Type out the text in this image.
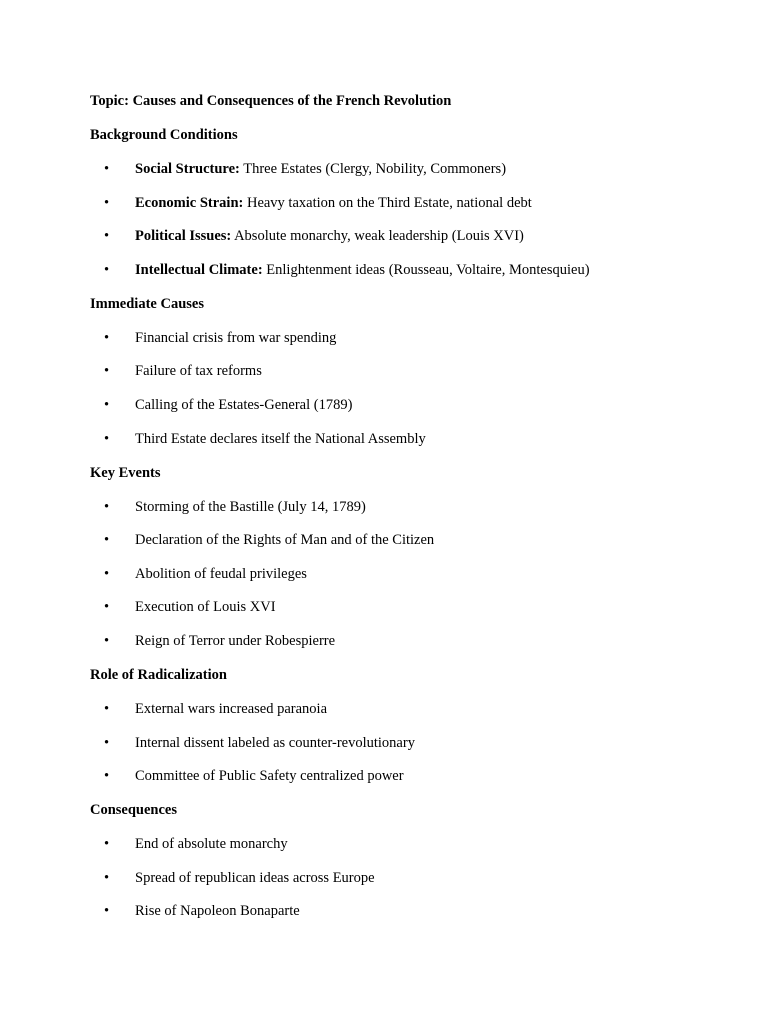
Topic: Causes and Consequences of the French Revolution
Background Conditions
• Social Structure: Three Estates (Clergy, Nobility, Commoners)
• Economic Strain: Heavy taxation on the Third Estate, national debt
• Political Issues: Absolute monarchy, weak leadership (Louis XVI)
• Intellectual Climate: Enlightenment ideas (Rousseau, Voltaire, Montesquieu)
Immediate Causes
• Financial crisis from war spending
• Failure of tax reforms
• Calling of the Estates-General (1789)
• Third Estate declares itself the National Assembly
Key Events
• Storming of the Bastille (July 14, 1789)
• Declaration of the Rights of Man and of the Citizen
• Abolition of feudal privileges
• Execution of Louis XVI
• Reign of Terror under Robespierre
Role of Radicalization
• External wars increased paranoia
• Internal dissent labeled as counter-revolutionary
• Committee of Public Safety centralized power
Consequences
• End of absolute monarchy
• Spread of republican ideas across Europe
• Rise of Napoleon Bonaparte
